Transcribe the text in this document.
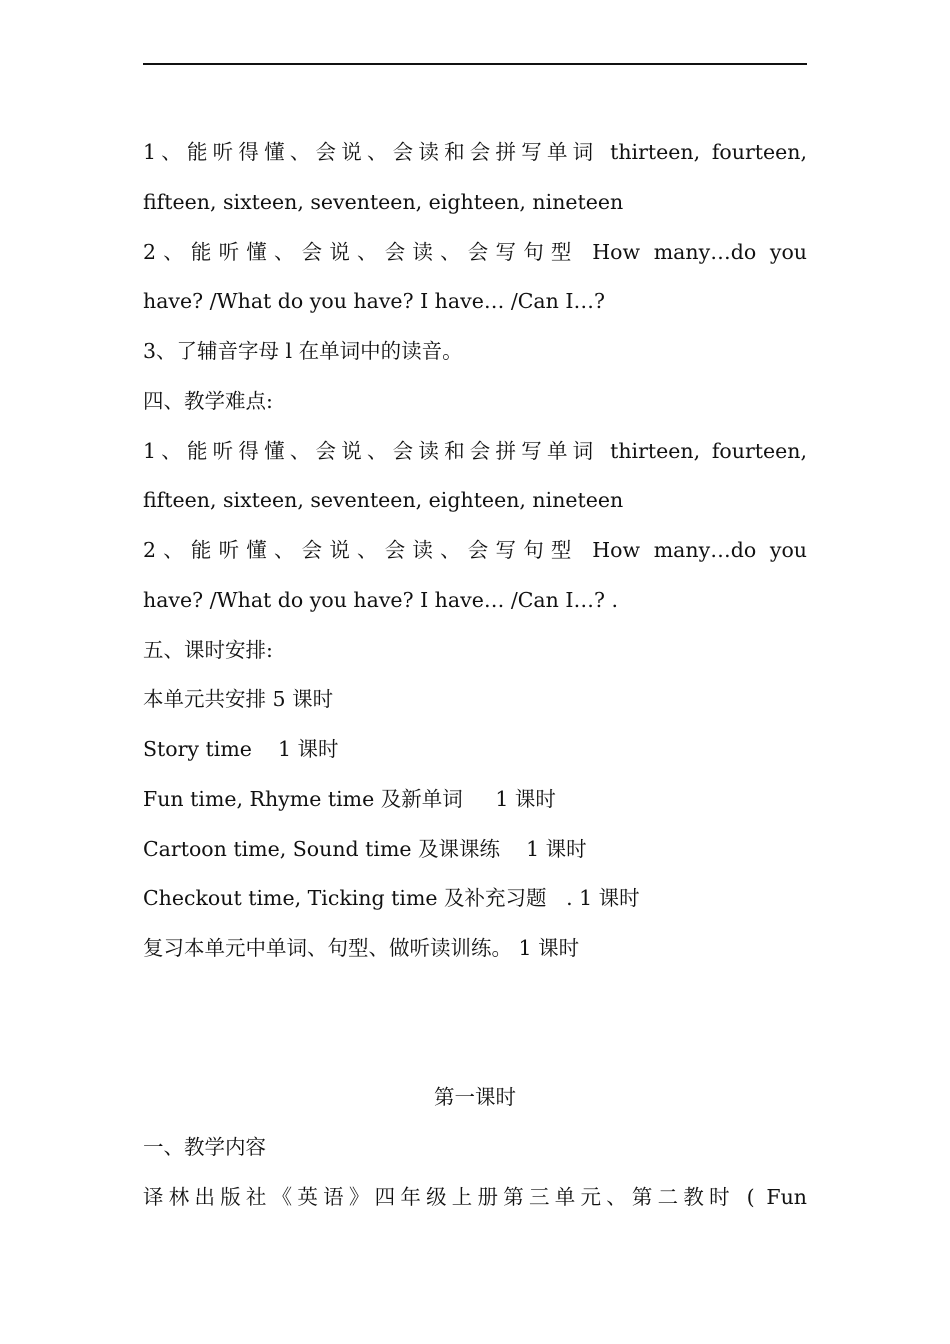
1、能听得懂、会说、会读和会拼写单词 thirteen, fourteen,
fifteen, sixteen, seventeen, eighteen, nineteen
2、能听懂、会说、会读、会写句型 How many…do you
have? /What do you have? I have… /Can I…?
3、了辅音字母 l 在单词中的读音。
四、教学难点:
1、能听得懂、会说、会读和会拼写单词 thirteen, fourteen,
fifteen, sixteen, seventeen, eighteen, nineteen
2、能听懂、会说、会读、会写句型 How many…do you
have? /What do you have? I have… /Can I…? .
五、课时安排:
本单元共安排 5 课时
Story time    1 课时
Fun time, Rhyme time 及新单词     1 课时
Cartoon time, Sound time 及课课练    1 课时
Checkout time, Ticking time 及补充习题   . 1 课时
复习本单元中单词、句型、做听读训练。 1 课时
第一课时
一、教学内容
译林出版社《英语》四年级上册第三单元、第二教时 ( Fun
